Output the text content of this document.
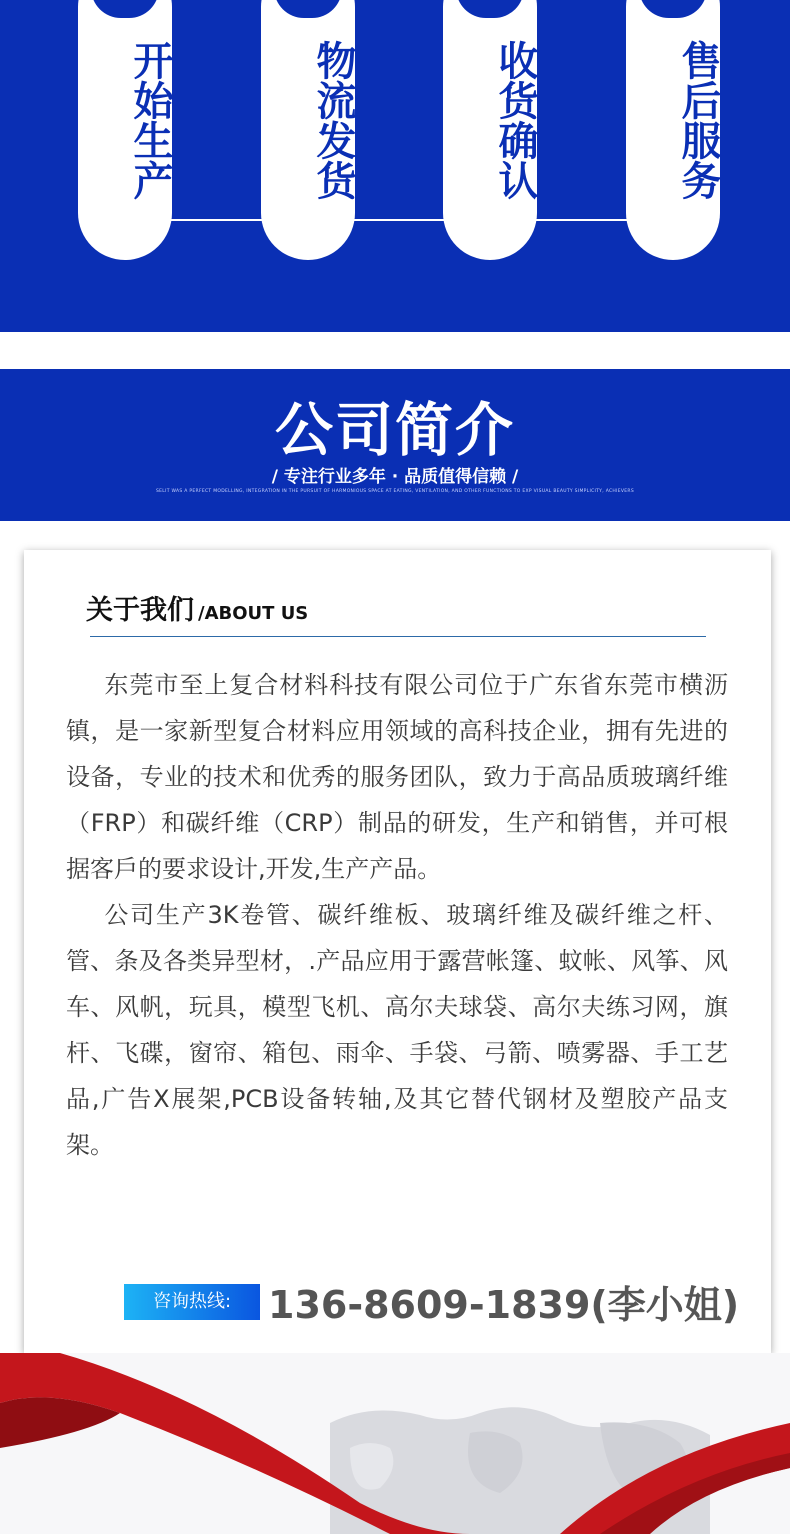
开始生产	物流发货	收货确认	售后服务
公司简介
/ 专注行业多年 · 品质值得信赖 /
SELIT WAS A PERFECT MODELLING, INTEGRATION IN THE PURSUIT OF HARMONIOUS SPACE AT EATING, VENTILATION, AND OTHER FUNCTIONS TO EXP VISUAL BEAUTY SIMPLICITY, ACHIEVERS
关于我们 /ABOUT US

东莞市至上复合材料科技有限公司位于广东省东莞市横沥镇，是一家新型复合材料应用领域的高科技企业，拥有先进的设备，专业的技术和优秀的服务团队，致力于高品质玻璃纤维（FRP）和碳纤维（CRP）制品的研发，生产和销售，并可根据客戶的要求设计,开发,生产产品。

公司生产3K卷管、碳纤维板、玻璃纤维及碳纤维之杆、管、条及各类异型材，.产品应用于露营帐篷、蚊帐、风筝、风车、风帆，玩具，模型飞机、高尔夫球袋、高尔夫练习网，旗杆、飞碟，窗帘、箱包、雨伞、手袋、弓箭、喷雾器、手工艺品,广告X展架,PCB设备转轴,及其它替代钢材及塑胶产品支架。

咨询热线: 136-8609-1839(李小姐)
